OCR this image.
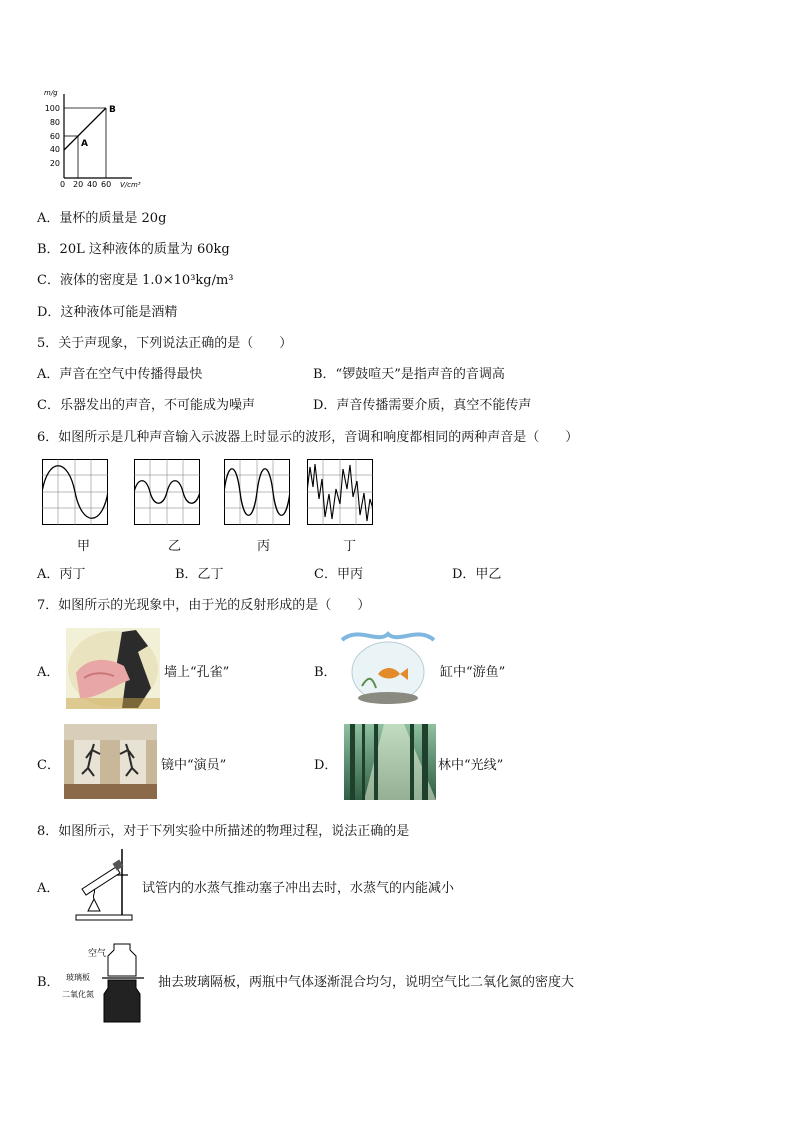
m/g
100
80
60
40
20
A
B
0 20 40 60 V/cm³
A．量杯的质量是 20g
B．20L 这种液体的质量为 60kg
C．液体的密度是 1.0×10³kg/m³
D．这种液体可能是酒精
5．关于声现象，下列说法正确的是（　　）
A．声音在空气中传播得最快	B．“锣鼓喧天”是指声音的音调高
C．乐器发出的声音，不可能成为噪声	D．声音传播需要介质，真空不能传声
6．如图所示是几种声音输入示波器上时显示的波形，音调和响度都相同的两种声音是（　　）
甲	乙	丙	丁
A．丙丁	B．乙丁	C．甲丙	D．甲乙
7．如图所示的光现象中，由于光的反射形成的是（　　）
A．	墙上“孔雀”	B．	缸中“游鱼”
C．	镜中“演员”	D．	林中“光线”
8．如图所示，对于下列实验中所描述的物理过程，说法正确的是
A．	试管内的水蒸气推动塞子冲出去时，水蒸气的内能减小
B．
空气
玻璃板
二氧化氮
抽去玻璃隔板，两瓶中气体逐渐混合均匀，说明空气比二氧化氮的密度大
